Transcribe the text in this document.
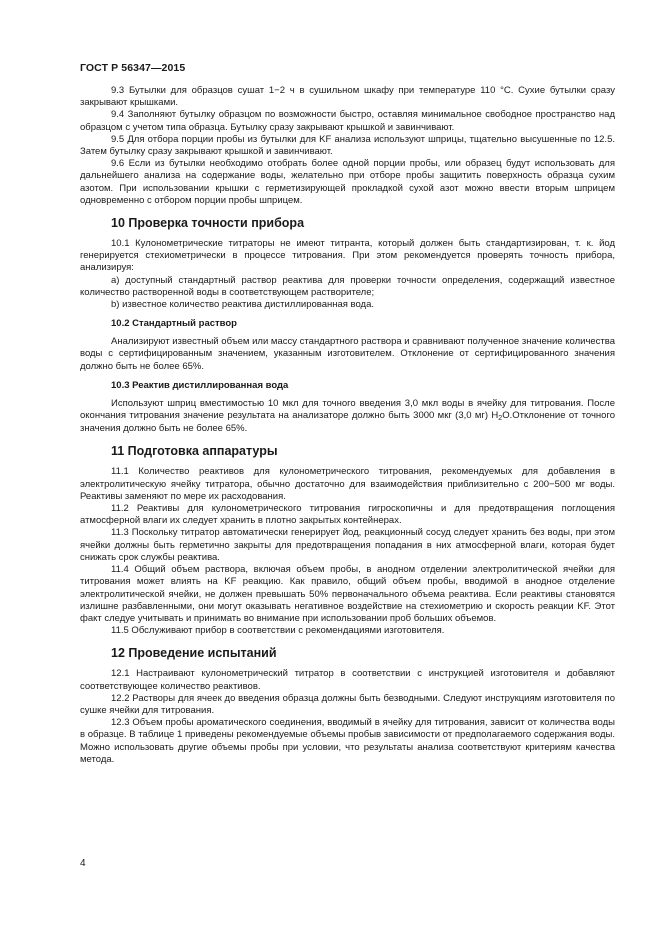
ГОСТ Р 56347—2015

9.3 Бутылки для образцов сушат 1−2 ч в сушильном шкафу при температуре 110 °С. Сухие бутылки сразу закрывают крышками.

9.4 Заполняют бутылку образцом по возможности быстро, оставляя минимальное свободное пространство над образцом с учетом типа образца. Бутылку сразу закрывают крышкой и завинчивают.

9.5 Для отбора порции пробы из бутылки для KF анализа используют шприцы, тщательно высушенные по 12.5. Затем бутылку сразу закрывают крышкой и завинчивают.

9.6 Если из бутылки необходимо отобрать более одной порции пробы, или образец будут использовать для дальнейшего анализа на содержание воды, желательно при отборе пробы защитить поверхность образца сухим азотом. При использовании крышки с герметизирующей прокладкой сухой азот можно ввести вторым шприцем одновременно с отбором порции пробы шприцем.

10 Проверка точности прибора

10.1 Кулонометрические титраторы не имеют титранта, который должен быть стандартизирован, т. к. йод генерируется стехиометрически в процессе титрования. При этом рекомендуется проверять точность прибора, анализируя:

а) доступный стандартный раствор реактива для проверки точности определения, содержащий известное количество растворенной воды в соответствующем растворителе;

b) известное количество реактива дистиллированная вода.

10.2 Стандартный раствор

Анализируют известный объем или массу стандартного раствора и сравнивают полученное значение количества воды с сертифицированным значением, указанным изготовителем. Отклонение от сертифицированного значения должно быть не более 65%.

10.3 Реактив дистиллированная вода

Используют шприц вместимостью 10 мкл для точного введения 3,0 мкл воды в ячейку для титрования. После окончания титрования значение результата на анализаторе должно быть 3000 мкг (3,0 мг) $H_2O.Отклонение$ от точного значения должно быть не более 65%.

11 Подготовка аппаратуры

11.1 Количество реактивов для кулонометрического титрования, рекомендуемых для добавления в электролитическую ячейку титратора, обычно достаточно для взаимодействия приблизительно с 200−500 мг воды. Реактивы заменяют по мере их расходования.

11.2 Реактивы для кулонометрического титрования гигроскопичны и для предотвращения поглощения атмосферной влаги их следует хранить в плотно закрытых контейнерах.

11.3 Поскольку титратор автоматически генерирует йод, реакционный сосуд следует хранить без воды, при этом ячейки должны быть герметично закрыты для предотвращения попадания в них атмосферной влаги, которая будет снижать срок службы реактива.

11.4 Общий объем раствора, включая объем пробы, в анодном отделении электролитической ячейки для титрования может влиять на KF реакцию. Как правило, общий объем пробы, вводимой в анодное отделение электролитической ячейки, не должен превышать 50% первоначального объема реактива. Если реактивы становятся излишне разбавленными, они могут оказывать негативное воздействие на стехиометрию и скорость реакции KF. Этот факт следуе учитывать и принимать во внимание при использовании проб больших объемов.

11.5 Обслуживают прибор в соответствии с рекомендациями изготовителя.

12 Проведение испытаний

12.1 Настраивают кулонометрический титратор в соответствии с инструкцией изготовителя и добавляют соответствующее количество реактивов.

12.2 Растворы для ячеек до введения образца должны быть безводными. Следуют инструкциям изготовителя по сушке ячейки для титрования.

12.3 Объем пробы ароматического соединения, вводимый в ячейку для титрования, зависит от количества воды в образце. В таблице 1 приведены рекомендуемые объемы пробыв зависимости от предполагаемого содержания воды. Можно использовать другие объемы пробы при условии, что результаты анализа соответствуют критериям качества метода.

4
